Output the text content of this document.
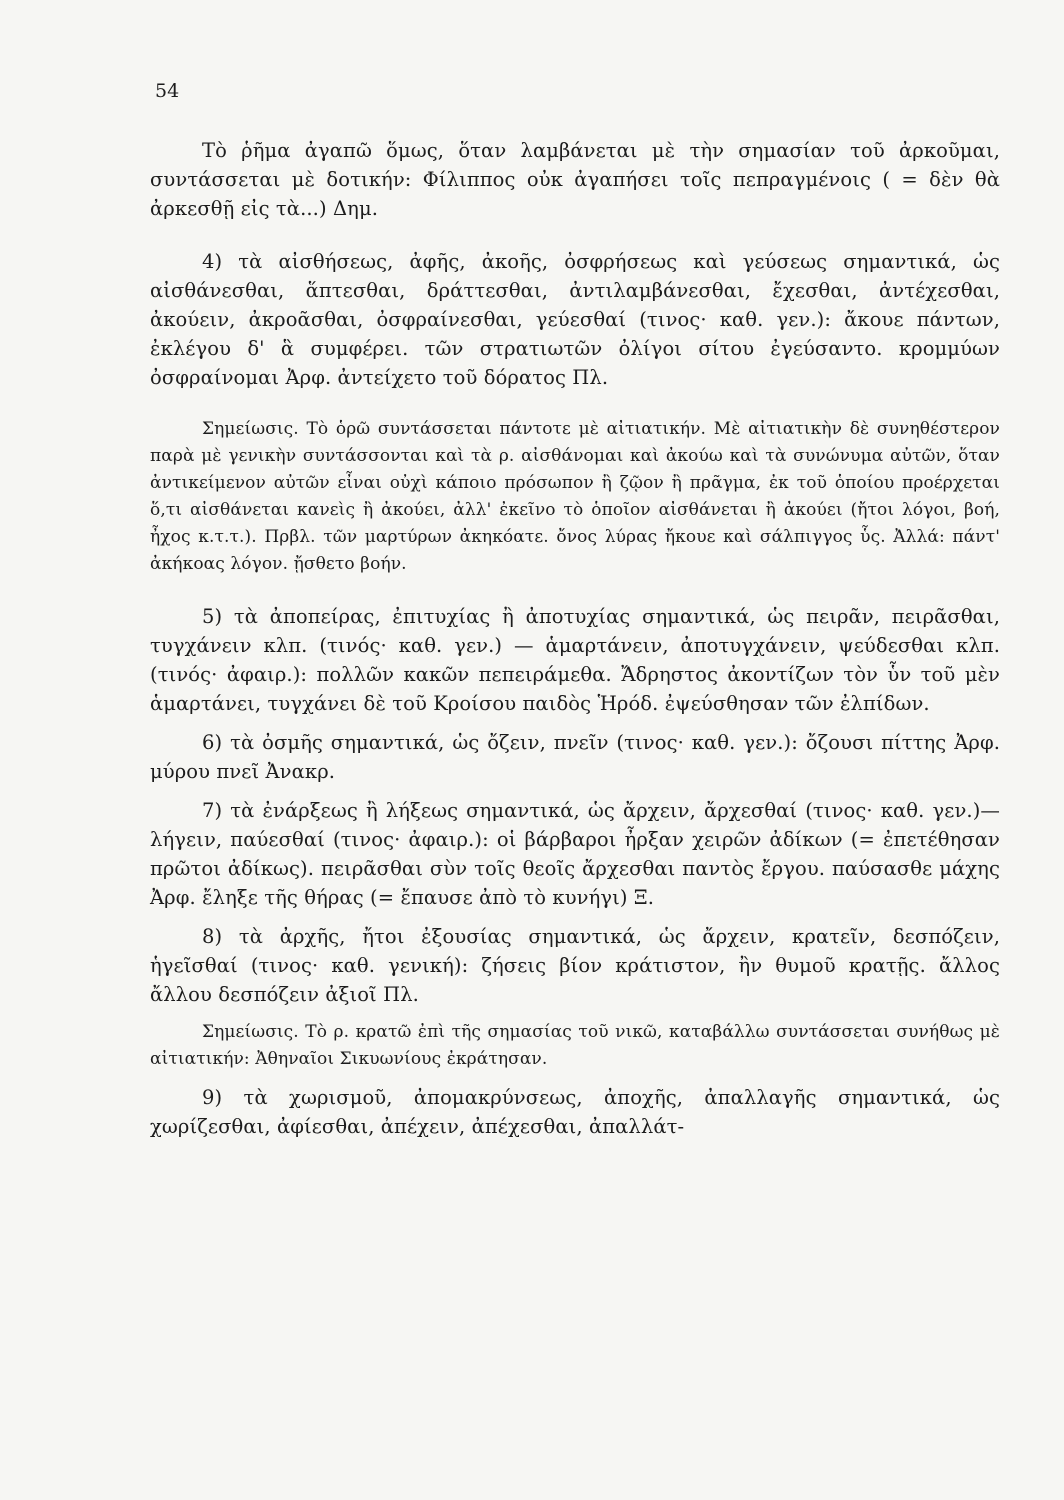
54

Τὸ ῥῆμα ἀγαπῶ ὅμως, ὅταν λαμβάνεται μὲ τὴν σημασίαν τοῦ ἀρκοῦμαι, συντάσσεται μὲ δοτικήν: Φίλιππος οὐκ ἀγαπήσει τοῖς πεπραγμένοις ( = δὲν θὰ ἀρκεσθῇ εἰς τὰ...) Δημ.

4) τὰ αἰσθήσεως, ἀφῆς, ἀκοῆς, ὀσφρήσεως καὶ γεύσεως σημαντικά, ὡς αἰσθάνεσθαι, ἅπτεσθαι, δράττεσθαι, ἀντιλαμβάνεσθαι, ἔχεσθαι, ἀντέχεσθαι, ἀκούειν, ἀκροᾶσθαι, ὀσφραίνεσθαι, γεύεσθαί (τινος· καθ. γεν.): ἄκουε πάντων, ἐκλέγου δ' ἃ συμφέρει. τῶν στρατιωτῶν ὀλίγοι σίτου ἐγεύσαντο. κρομμύων ὀσφραίνομαι Ἀρφ. ἀντείχετο τοῦ δόρατος Πλ.

Σημείωσις. Τὸ ὁρῶ συντάσσεται πάντοτε μὲ αἰτιατικήν. Μὲ αἰτιατικὴν δὲ συνηθέστερον παρὰ μὲ γενικὴν συντάσσονται καὶ τὰ ρ. αἰσθάνομαι καὶ ἀκούω καὶ τὰ συνώνυμα αὐτῶν, ὅταν ἀντικείμενον αὐτῶν εἶναι οὐχὶ κάποιο πρόσωπον ἢ ζῷον ἢ πρᾶγμα, ἐκ τοῦ ὁποίου προέρχεται ὅ,τι αἰσθάνεται κανεὶς ἢ ἀκούει, ἀλλ' ἐκεῖνο τὸ ὁποῖον αἰσθάνεται ἢ ἀκούει (ἤτοι λόγοι, βοή, ἦχος κ.τ.τ.). Πρβλ. τῶν μαρτύρων ἀκηκόατε. ὄνος λύρας ἤκουε καὶ σάλπιγγος ὗς. Ἀλλά: πάντ' ἀκήκοας λόγον. ᾔσθετο βοήν.

5) τὰ ἀποπείρας, ἐπιτυχίας ἢ ἀποτυχίας σημαντικά, ὡς πειρᾶν, πειρᾶσθαι, τυγχάνειν κλπ. (τινός· καθ. γεν.) — ἁμαρτάνειν, ἀποτυγχάνειν, ψεύδεσθαι κλπ. (τινός· ἀφαιρ.): πολλῶν κακῶν πεπειράμεθα. Ἄδρηστος ἀκοντίζων τὸν ὗν τοῦ μὲν ἁμαρτάνει, τυγχάνει δὲ τοῦ Κροίσου παιδὸς Ἡρόδ. ἐψεύσθησαν τῶν ἐλπίδων.

6) τὰ ὀσμῆς σημαντικά, ὡς ὄζειν, πνεῖν (τινος· καθ. γεν.): ὄζουσι πίττης Ἀρφ. μύρου πνεῖ Ἀνακρ.

7) τὰ ἐνάρξεως ἢ λήξεως σημαντικά, ὡς ἄρχειν, ἄρχεσθαί (τινος· καθ. γεν.)— λήγειν, παύεσθαί (τινος· ἀφαιρ.): οἱ βάρβαροι ἦρξαν χειρῶν ἀδίκων (= ἐπετέθησαν πρῶτοι ἀδίκως). πειρᾶσθαι σὺν τοῖς θεοῖς ἄρχεσθαι παντὸς ἔργου. παύσασθε μάχης Ἀρφ. ἔληξε τῆς θήρας (= ἔπαυσε ἀπὸ τὸ κυνήγι) Ξ.

8) τὰ ἀρχῆς, ἤτοι ἐξουσίας σημαντικά, ὡς ἄρχειν, κρατεῖν, δεσπόζειν, ἡγεῖσθαί (τινος· καθ. γενική): ζήσεις βίον κράτιστον, ἢν θυμοῦ κρατῇς. ἄλλος ἄλλου δεσπόζειν ἀξιοῖ Πλ.

Σημείωσις. Τὸ ρ. κρατῶ ἐπὶ τῆς σημασίας τοῦ νικῶ, καταβάλλω συντάσσεται συνήθως μὲ αἰτιατικήν: Ἀθηναῖοι Σικυωνίους ἐκράτησαν.

9) τὰ χωρισμοῦ, ἀπομακρύνσεως, ἀποχῆς, ἀπαλλαγῆς σημαντικά, ὡς χωρίζεσθαι, ἀφίεσθαι, ἀπέχειν, ἀπέχεσθαι, ἀπαλλάτ-
